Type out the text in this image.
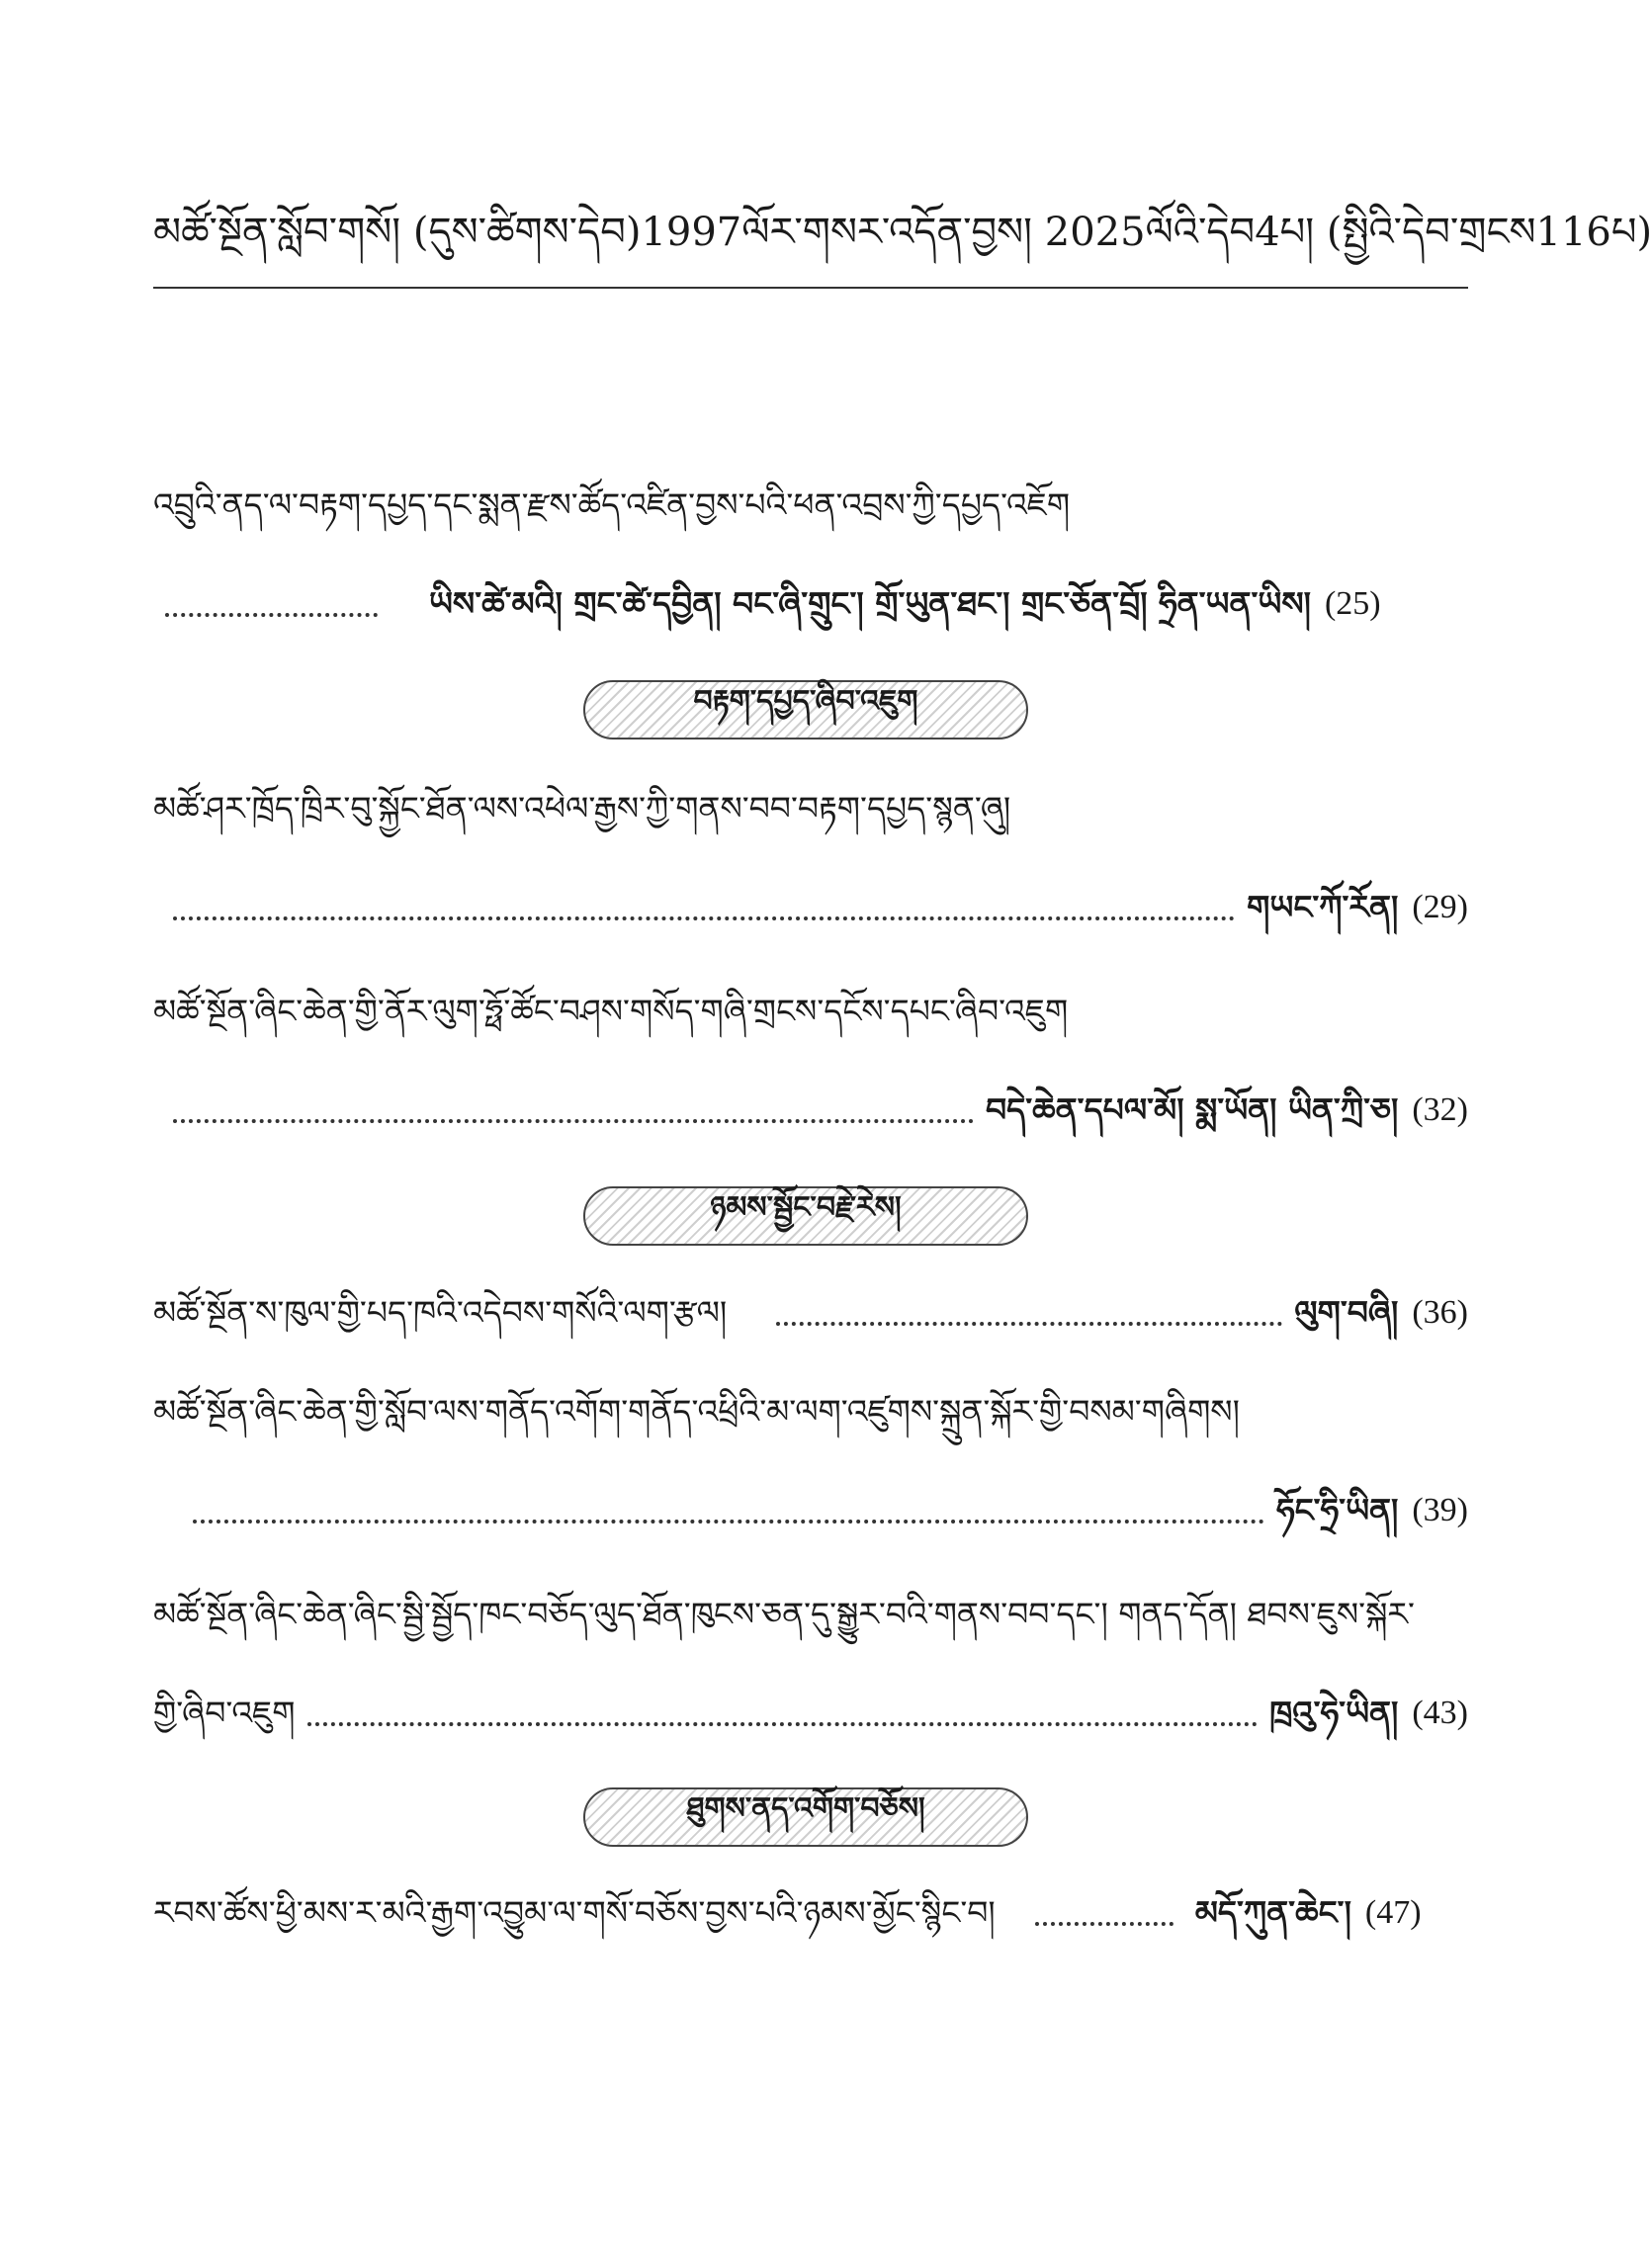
མཚོ་སྔོན་སློབ་གསོ། (དུས་ཚིགས་དེབ)1997ལོར་གསར་འདོན་བྱས། 2025ལོའི་དེབ4པ། (སྤྱིའི་དེབ་གྲངས116པ)
འབྲུའི་ནད་ལ་བརྟག་དཔྱད་དང་སྨན་རྫས་ཚོད་འཛིན་བྱས་པའི་ཕན་འབྲས་ཀྱི་དཔྱད་འཇོག
ཡིས་ཚེ་མའི། གྲང་ཚེ་དབྱིན། བང་ཞི་གྲུང་། གྲོ་ཡུན་ཐང་། གྲང་ཅོན་བྲོ། ཧྲིན་ཡན་ཡིས། (25)
བརྟག་དཔྱད་ཞིབ་འཇུག
མཚོ་ཤར་ཁྲོད་ཁྲིར་བུ་སྐྱོང་ཐོན་ལས་འཕེལ་རྒྱས་ཀྱི་གནས་བབ་བརྟག་དཔྱད་སྙན་ཞུ།
གཡང་ཀོ་རོན། (29)
མཚོ་སྔོན་ཞིང་ཆེན་གྱི་ནོར་ལུག་ཧྥོ་ཚོང་བཤས་གསོད་གཞི་གྲངས་དངོས་དཔང་ཞིབ་འཇུག
བདེ་ཆེན་དཔལ་མོ། སྨ་ཡོན། ཡིན་ཀྲི་ཅ། (32)
ཉམས་སྦྱོང་བརྗེ་རེས།
མཚོ་སྔོན་ས་ཁུལ་གྱི་པད་ཁའི་འདེབས་གསོའི་ལག་རྩལ།	ལུག་བཞི། (36)
མཚོ་སྔོན་ཞིང་ཆེན་གྱི་སློབ་ལས་གནོད་འགོག་གནོད་འཕྲིའི་མ་ལག་འཛུགས་སྐྲུན་སྐོར་གྱི་བསམ་གཞིགས།
ཧོང་ཧྲི་ཡིན། (39)
མཚོ་སྔོན་ཞིང་ཆེན་ཞིང་སྦྱི་སྦྱོད་ཁང་བཅོད་ལུད་ཐོན་ཁུངས་ཅན་དུ་སྒྱུར་བའི་གནས་བབ་དང་། གནད་དོན། ཐབས་ཇུས་སྐོར་
གྱི་ཞིབ་འཇུག	ཁྲའུ་ཧེ་ཡིན། (43)
ཐུགས་ནད་འགོག་བཅོས།
རབས་ཚོས་ཕྱི་མས་ར་མའི་རྒྱག་འབྱུམ་ལ་གསོ་བཅོས་བྱས་པའི་ཉམས་མྱོང་སྙིང་བ།	མདོ་ཀུན་ཆེང་། (47)
